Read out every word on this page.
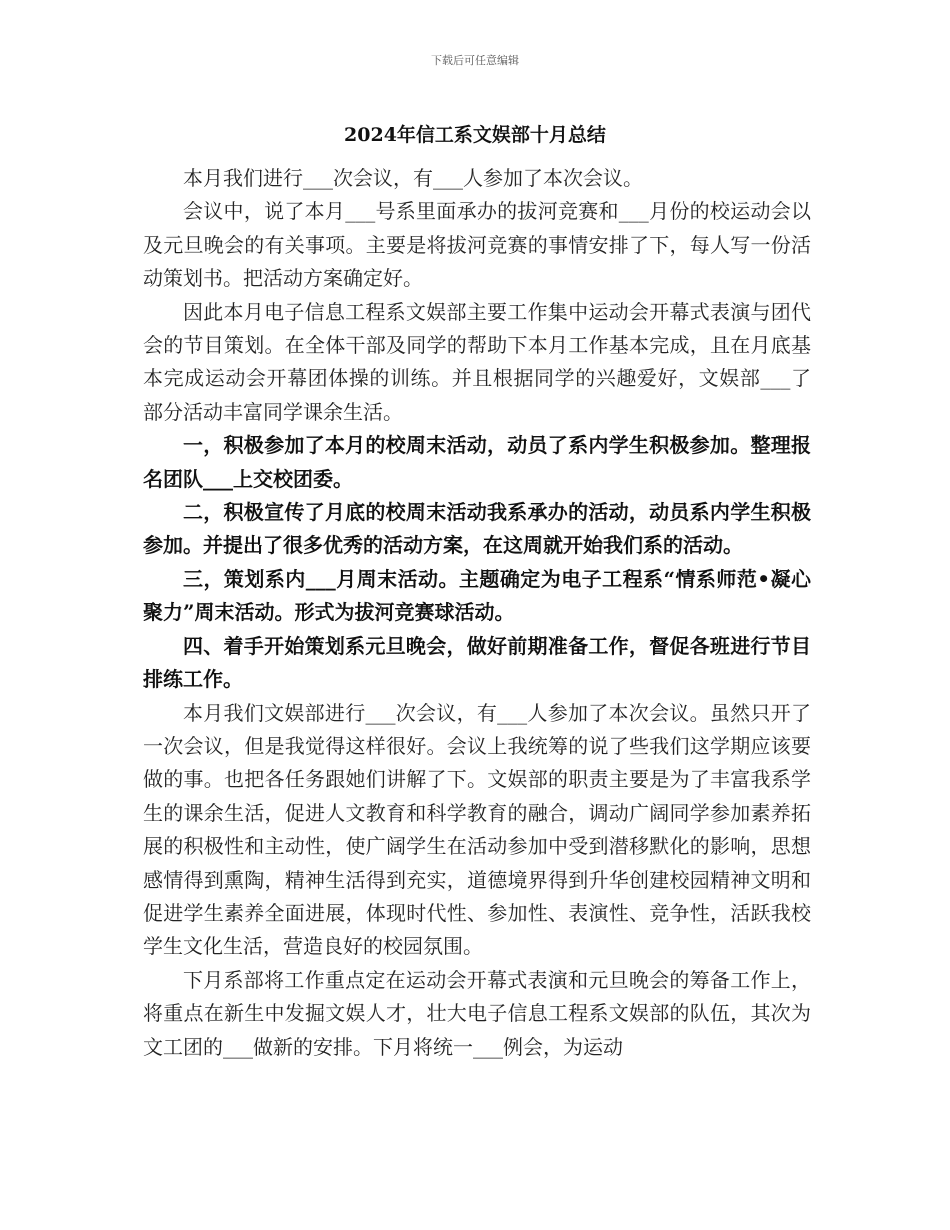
下载后可任意编辑
2024年信工系文娱部十月总结

本月我们进行___次会议，有___人参加了本次会议。

会议中，说了本月___号系里面承办的拔河竞赛和___月份的校运动会以及元旦晚会的有关事项。主要是将拔河竞赛的事情安排了下，每人写一份活动策划书。把活动方案确定好。

因此本月电子信息工程系文娱部主要工作集中运动会开幕式表演与团代会的节目策划。在全体干部及同学的帮助下本月工作基本完成，且在月底基本完成运动会开幕团体操的训练。并且根据同学的兴趣爱好，文娱部___了部分活动丰富同学课余生活。

一，积极参加了本月的校周末活动，动员了系内学生积极参加。整理报名团队___上交校团委。

二，积极宣传了月底的校周末活动我系承办的活动，动员系内学生积极参加。并提出了很多优秀的活动方案，在这周就开始我们系的活动。

三，策划系内___月周末活动。主题确定为电子工程系“情系师范•凝心聚力”周末活动。形式为拔河竞赛球活动。

四、着手开始策划系元旦晚会，做好前期准备工作，督促各班进行节目排练工作。

本月我们文娱部进行___次会议，有___人参加了本次会议。虽然只开了一次会议，但是我觉得这样很好。会议上我统筹的说了些我们这学期应该要做的事。也把各任务跟她们讲解了下。文娱部的职责主要是为了丰富我系学生的课余生活，促进人文教育和科学教育的融合，调动广阔同学参加素养拓展的积极性和主动性，使广阔学生在活动参加中受到潜移默化的影响，思想感情得到熏陶，精神生活得到充实，道德境界得到升华创建校园精神文明和促进学生素养全面进展，体现时代性、参加性、表演性、竞争性，活跃我校学生文化生活，营造良好的校园氛围。

下月系部将工作重点定在运动会开幕式表演和元旦晚会的筹备工作上，将重点在新生中发掘文娱人才，壮大电子信息工程系文娱部的队伍，其次为文工团的___做新的安排。下月将统一___例会，为运动
